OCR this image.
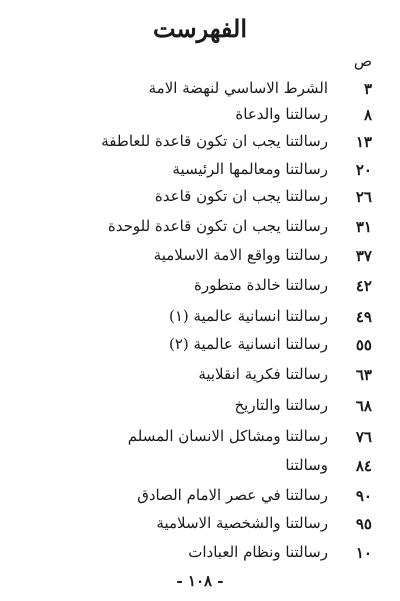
الفهرست
ص
٣
الشرط الاساسي لنهضة الامة
٨
رسالتنا والدعاة
١٣
رسالتنا يجب ان تكون قاعدة للعاطفة
٢٠
رسالتنا ومعالمها الرئيسية
٢٦
رسالتنا يجب ان تكون قاعدة
٣١
رسالتنا يجب ان تكون قاعدة للوحدة
٣٧
رسالتنا وواقع الامة الاسلامية
٤٢
رسالتنا خالدة متطورة
٤٩
رسالتنا انسانية عالمية (١)
٥٥
رسالتنا انسانية عالمية (٢)
٦٣
رسالتنا فكرية انقلابية
٦٨
رسالتنا والتاريخ
٧٦
رسالتنا ومشاكل الانسان المسلم
٨٤
وسالتنا
٩٠
رسالتنا في عصر الامام الصادق
٩٥
رسالتنا والشخصية الاسلامية
١٠
رسالتنا ونظام العبادات
- ١٠٨ -
